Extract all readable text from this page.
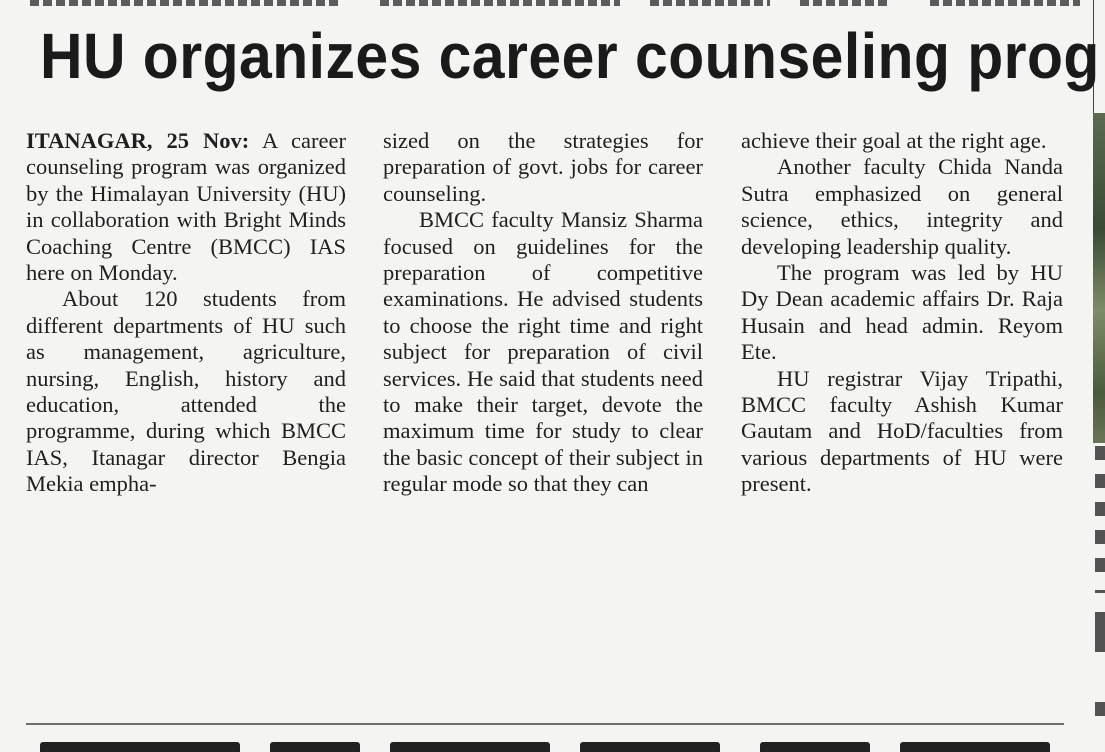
HU organizes career counseling prog

ITANAGAR, 25 Nov: A career counseling program was organized by the Himalayan University (HU) in collaboration with Bright Minds Coaching Centre (BMCC) IAS here on Monday.

About 120 students from different departments of HU such as management, agriculture, nursing, English, history and education, attended the programme, during which BMCC IAS, Itanagar director Bengia Mekia empha-

sized on the strategies for preparation of govt. jobs for career counseling.

BMCC faculty Mansiz Sharma focused on guidelines for the preparation of competitive examinations. He advised students to choose the right time and right subject for preparation of civil services. He said that students need to make their target, devote the maximum time for study to clear the basic concept of their subject in regular mode so that they can

achieve their goal at the right age.

Another faculty Chida Nanda Sutra emphasized on general science, ethics, integrity and developing leadership quality.

The program was led by HU Dy Dean academic affairs Dr. Raja Husain and head admin. Reyom Ete.

HU registrar Vijay Tripathi, BMCC faculty Ashish Kumar Gautam and HoD/faculties from various departments of HU were present.
